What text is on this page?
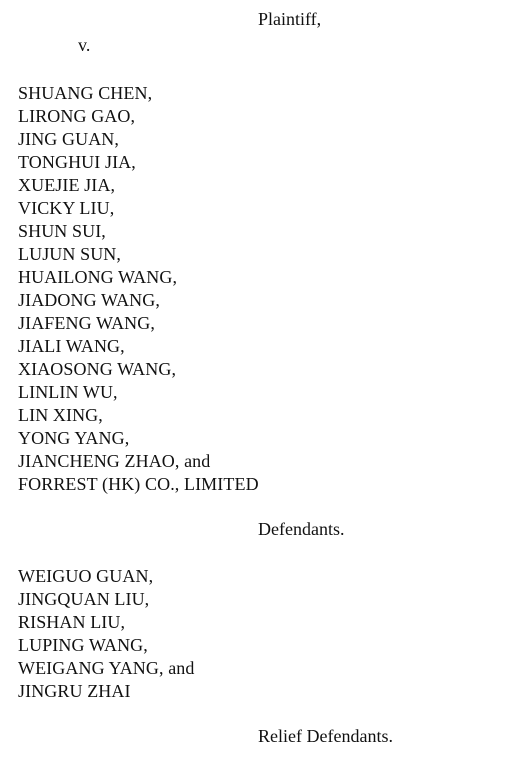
Plaintiff,
v.
SHUANG CHEN,
LIRONG GAO,
JING GUAN,
TONGHUI JIA,
XUEJIE JIA,
VICKY LIU,
SHUN SUI,
LUJUN SUN,
HUAILONG WANG,
JIADONG WANG,
JIAFENG WANG,
JIALI WANG,
XIAOSONG WANG,
LINLIN WU,
LIN XING,
YONG YANG,
JIANCHENG ZHAO, and
FORREST (HK) CO., LIMITED
Defendants.
WEIGUO GUAN,
JINGQUAN LIU,
RISHAN LIU,
LUPING WANG,
WEIGANG YANG, and
JINGRU ZHAI
Relief Defendants.
